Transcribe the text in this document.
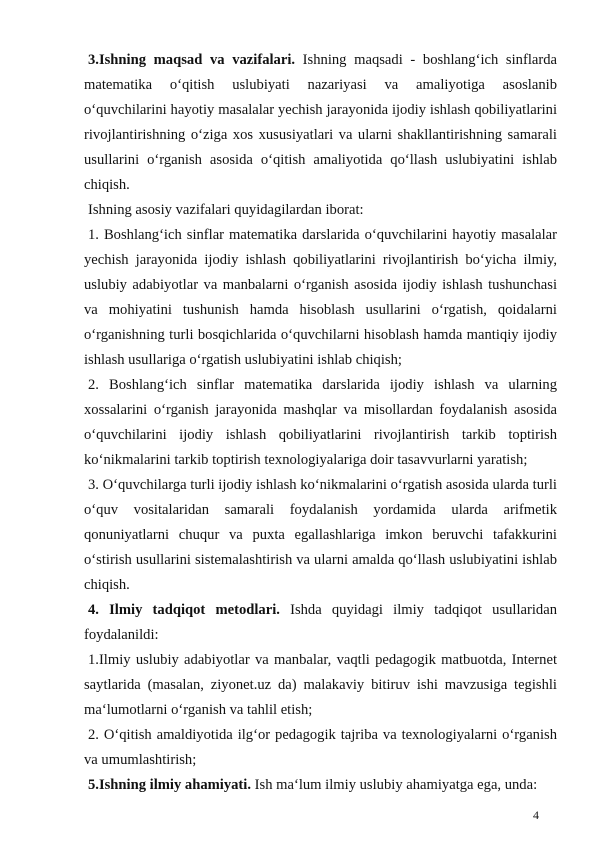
3.Ishning maqsad va vazifalari. Ishning maqsadi - boshlang‘ich sinflarda matematika o‘qitish uslubiyati nazariyasi va amaliyotiga asoslanib o‘quvchilarini hayotiy masalalar yechish jarayonida ijodiy ishlash qobiliyatlarini rivojlantirishning o‘ziga xos xususiyatlari va ularni shakllantirishning samarali usullarini o‘rganish asosida o‘qitish amaliyotida qo‘llash uslubiyatini ishlab chiqish.

Ishning asosiy vazifalari quyidagilardan iborat:

1. Boshlang‘ich sinflar matematika darslarida o‘quvchilarini hayotiy masalalar yechish jarayonida ijodiy ishlash qobiliyatlarini rivojlantirish bo‘yicha ilmiy, uslubiy adabiyotlar va manbalarni o‘rganish asosida ijodiy ishlash tushunchasi va mohiyatini tushunish hamda hisoblash usullarini o‘rgatish, qoidalarni o‘rganishning turli bosqichlarida o‘quvchilarni hisoblash hamda mantiqiy ijodiy ishlash usullariga o‘rgatish uslubiyatini ishlab chiqish;

2. Boshlang‘ich sinflar matematika darslarida ijodiy ishlash va ularning xossalarini o‘rganish jarayonida mashqlar va misollardan foydalanish asosida o‘quvchilarini ijodiy ishlash qobiliyatlarini rivojlantirish tarkib toptirish ko‘nikmalarini tarkib toptirish texnologiyalariga doir tasavvurlarni yaratish;

3. O‘quvchilarga turli ijodiy ishlash ko‘nikmalarini o‘rgatish asosida ularda turli o‘quv vositalaridan samarali foydalanish yordamida ularda arifmetik qonuniyatlarni chuqur va puxta egallashlariga imkon beruvchi tafakkurini o‘stirish usullarini sistemalashtirish va ularni amalda qo‘llash uslubiyatini ishlab chiqish.

4. Ilmiy tadqiqot metodlari. Ishda quyidagi ilmiy tadqiqot usullaridan foydalanildi:

1.Ilmiy uslubiy adabiyotlar va manbalar, vaqtli pedagogik matbuotda, Internet saytlarida (masalan, ziyonet.uz da) malakaviy bitiruv ishi mavzusiga tegishli ma‘lumotlarni o‘rganish va tahlil etish;

2. O‘qitish amaldiyotida ilg‘or pedagogik tajriba va texnologiyalarni o‘rganish va umumlashtirish;

5.Ishning ilmiy ahamiyati. Ish ma‘lum ilmiy uslubiy ahamiyatga ega, unda:

4
